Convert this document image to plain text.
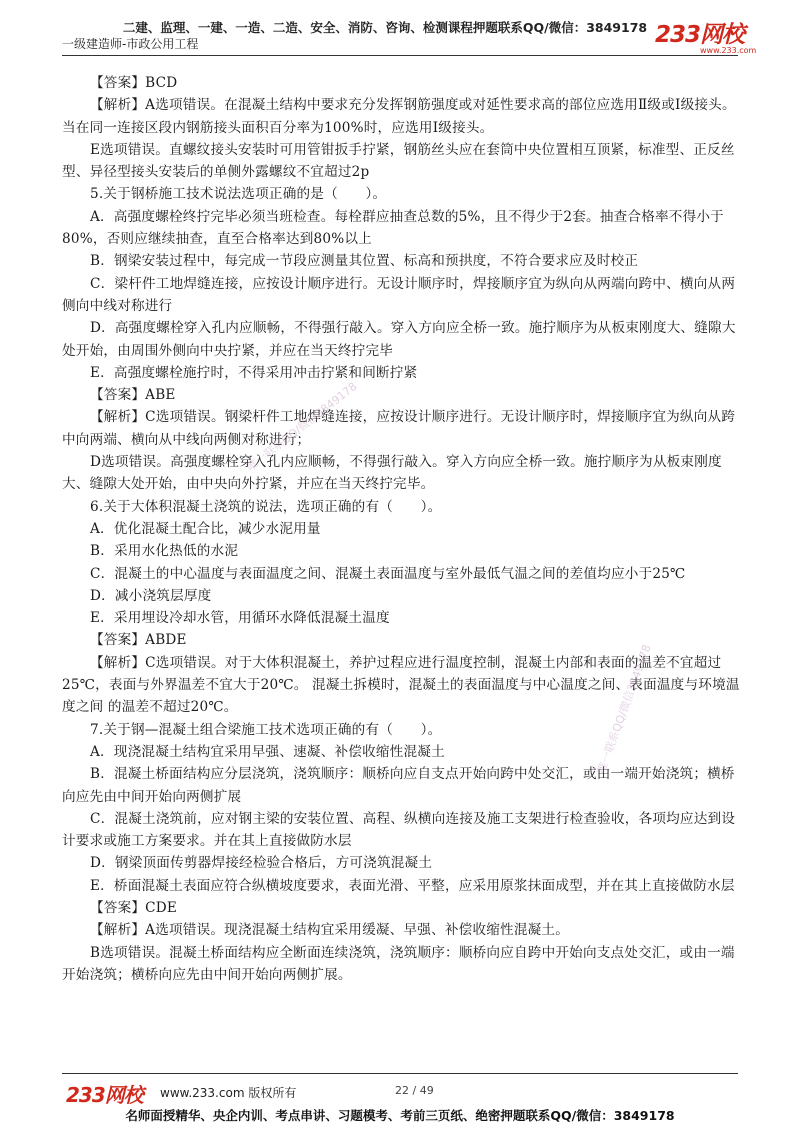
二建、监理、一建、一造、二造、安全、消防、咨询、检测课程押题联系QQ/微信：3849178
一级建造师-市政公用工程	233网校
www.233.com

【答案】BCD

【解析】A选项错误。在混凝土结构中要求充分发挥钢筋强度或对延性要求高的部位应选用Ⅱ级或Ⅰ级接头。当在同一连接区段内钢筋接头面积百分率为100%时，应选用Ⅰ级接头。

E选项错误。直螺纹接头安装时可用管钳扳手拧紧，钢筋丝头应在套筒中央位置相互顶紧，标准型、正反丝型、异径型接头安装后的单侧外露螺纹不宜超过2p

5.关于钢桥施工技术说法选项正确的是（　　）。

A．高强度螺栓终拧完毕必须当班检查。每栓群应抽查总数的5%，且不得少于2套。抽查合格率不得小于80%，否则应继续抽查，直至合格率达到80%以上

B．钢梁安装过程中，每完成一节段应测量其位置、标高和预拱度，不符合要求应及时校正

C．梁杆件工地焊缝连接，应按设计顺序进行。无设计顺序时，焊接顺序宜为纵向从两端向跨中、横向从两侧向中线对称进行

D．高强度螺栓穿入孔内应顺畅，不得强行敲入。穿入方向应全桥一致。施拧顺序为从板束刚度大、缝隙大处开始，由周围外侧向中央拧紧，并应在当天终拧完毕

E．高强度螺栓施拧时，不得采用冲击拧紧和间断拧紧

【答案】ABE

【解析】C选项错误。钢梁杆件工地焊缝连接，应按设计顺序进行。无设计顺序时，焊接顺序宜为纵向从跨中向两端、横向从中线向两侧对称进行；

D选项错误。高强度螺栓穿入孔内应顺畅，不得强行敲入。穿入方向应全桥一致。施拧顺序为从板束刚度大、缝隙大处开始，由中央向外拧紧，并应在当天终拧完毕。

6.关于大体积混凝土浇筑的说法，选项正确的有（　　）。

A．优化混凝土配合比，减少水泥用量

B．采用水化热低的水泥

C．混凝土的中心温度与表面温度之间、混凝土表面温度与室外最低气温之间的差值均应小于25℃

D．减小浇筑层厚度

E．采用埋设冷却水管，用循环水降低混凝土温度

【答案】ABDE

【解析】C选项错误。对于大体积混凝土，养护过程应进行温度控制，混凝土内部和表面的温差不宜超过25℃，表面与外界温差不宜大于20℃。 混凝土拆模时，混凝土的表面温度与中心温度之间、表面温度与环境温度之间 的温差不超过20℃。

7.关于钢—混凝土组合梁施工技术选项正确的有（　　）。

A．现浇混凝土结构宜采用早强、速凝、补偿收缩性混凝土

B．混凝土桥面结构应分层浇筑，浇筑顺序：顺桥向应自支点开始向跨中处交汇，或由一端开始浇筑；横桥向应先由中间开始向两侧扩展

C．混凝土浇筑前，应对钢主梁的安装位置、高程、纵横向连接及施工支架进行检查验收，各项均应达到设计要求或施工方案要求。并在其上直接做防水层

D．钢梁顶面传剪器焊接经检验合格后，方可浇筑混凝土

E．桥面混凝土表面应符合纵横坡度要求，表面光滑、平整，应采用原浆抹面成型，并在其上直接做防水层

【答案】CDE

【解析】A选项错误。现浇混凝土结构宜采用缓凝、早强、补偿收缩性混凝土。

B选项错误。混凝土桥面结构应全断面连续浇筑，浇筑顺序：顺桥向应自跨中开始向支点处交汇，或由一端开始浇筑；横桥向应先由中间开始向两侧扩展。

唯一联系QQ/微信3849178
唯一联系QQ/微信3849178
233网校 www.233.com 版权所有	22 / 49
名师面授精华、央企内训、考点串讲、习题模考、考前三页纸、绝密押题联系QQ/微信：3849178
